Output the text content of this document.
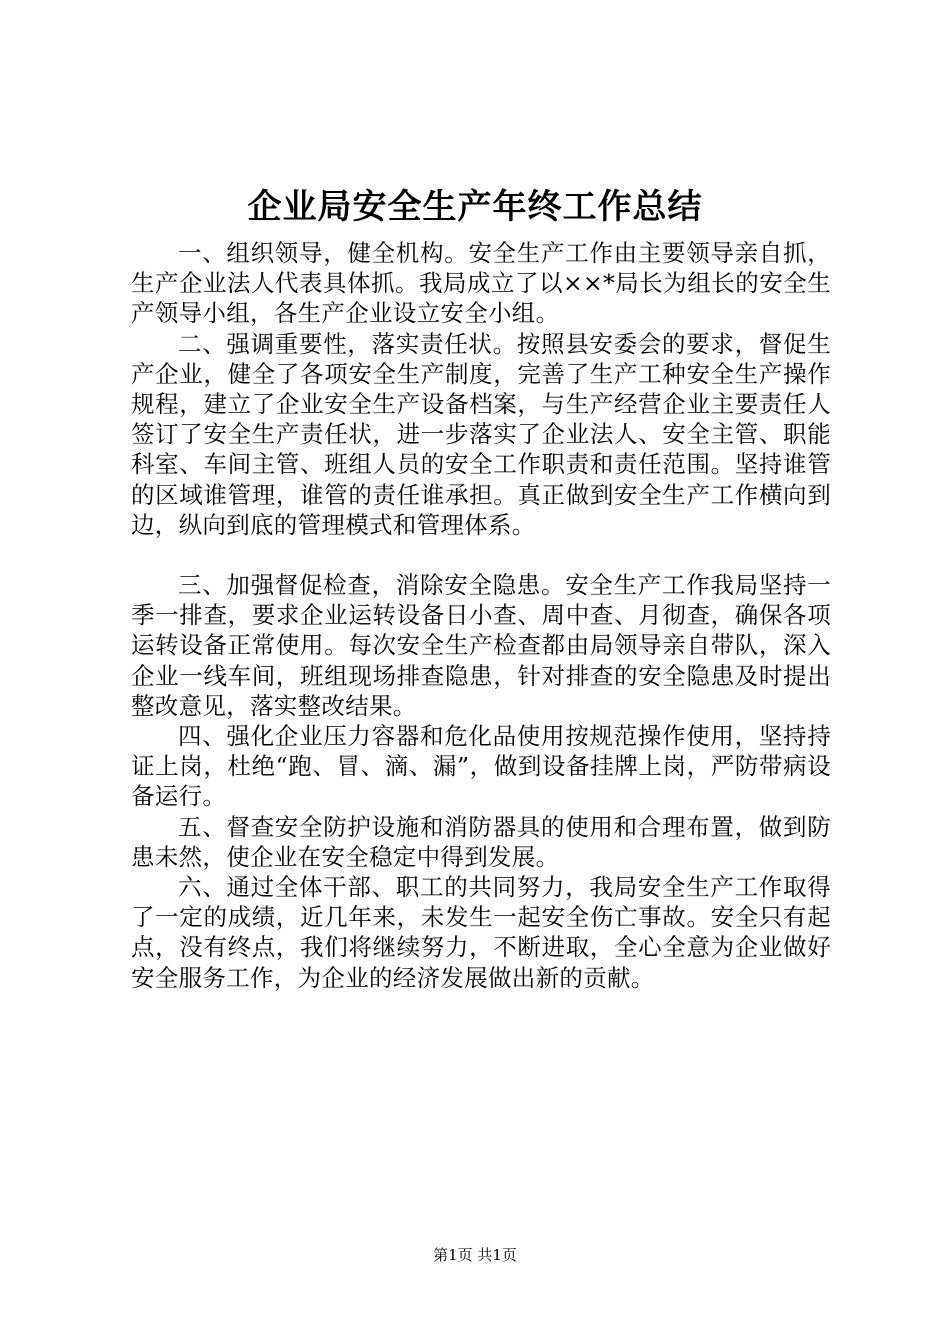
企业局安全生产年终工作总结

一、组织领导，健全机构。安全生产工作由主要领导亲自抓，生产企业法人代表具体抓。我局成立了以××*局长为组长的安全生产领导小组，各生产企业设立安全小组。

二、强调重要性，落实责任状。按照县安委会的要求，督促生产企业，健全了各项安全生产制度，完善了生产工种安全生产操作规程，建立了企业安全生产设备档案，与生产经营企业主要责任人签订了安全生产责任状，进一步落实了企业法人、安全主管、职能科室、车间主管、班组人员的安全工作职责和责任范围。坚持谁管的区域谁管理，谁管的责任谁承担。真正做到安全生产工作横向到边，纵向到底的管理模式和管理体系。

三、加强督促检查，消除安全隐患。安全生产工作我局坚持一季一排查，要求企业运转设备日小查、周中查、月彻查，确保各项运转设备正常使用。每次安全生产检查都由局领导亲自带队，深入企业一线车间，班组现场排查隐患，针对排查的安全隐患及时提出整改意见，落实整改结果。

四、强化企业压力容器和危化品使用按规范操作使用，坚持持证上岗，杜绝“跑、冒、滴、漏”，做到设备挂牌上岗，严防带病设备运行。

五、督查安全防护设施和消防器具的使用和合理布置，做到防患未然，使企业在安全稳定中得到发展。

六、通过全体干部、职工的共同努力，我局安全生产工作取得了一定的成绩，近几年来，未发生一起安全伤亡事故。安全只有起点，没有终点，我们将继续努力，不断进取，全心全意为企业做好安全服务工作，为企业的经济发展做出新的贡献。

第1页 共1页
